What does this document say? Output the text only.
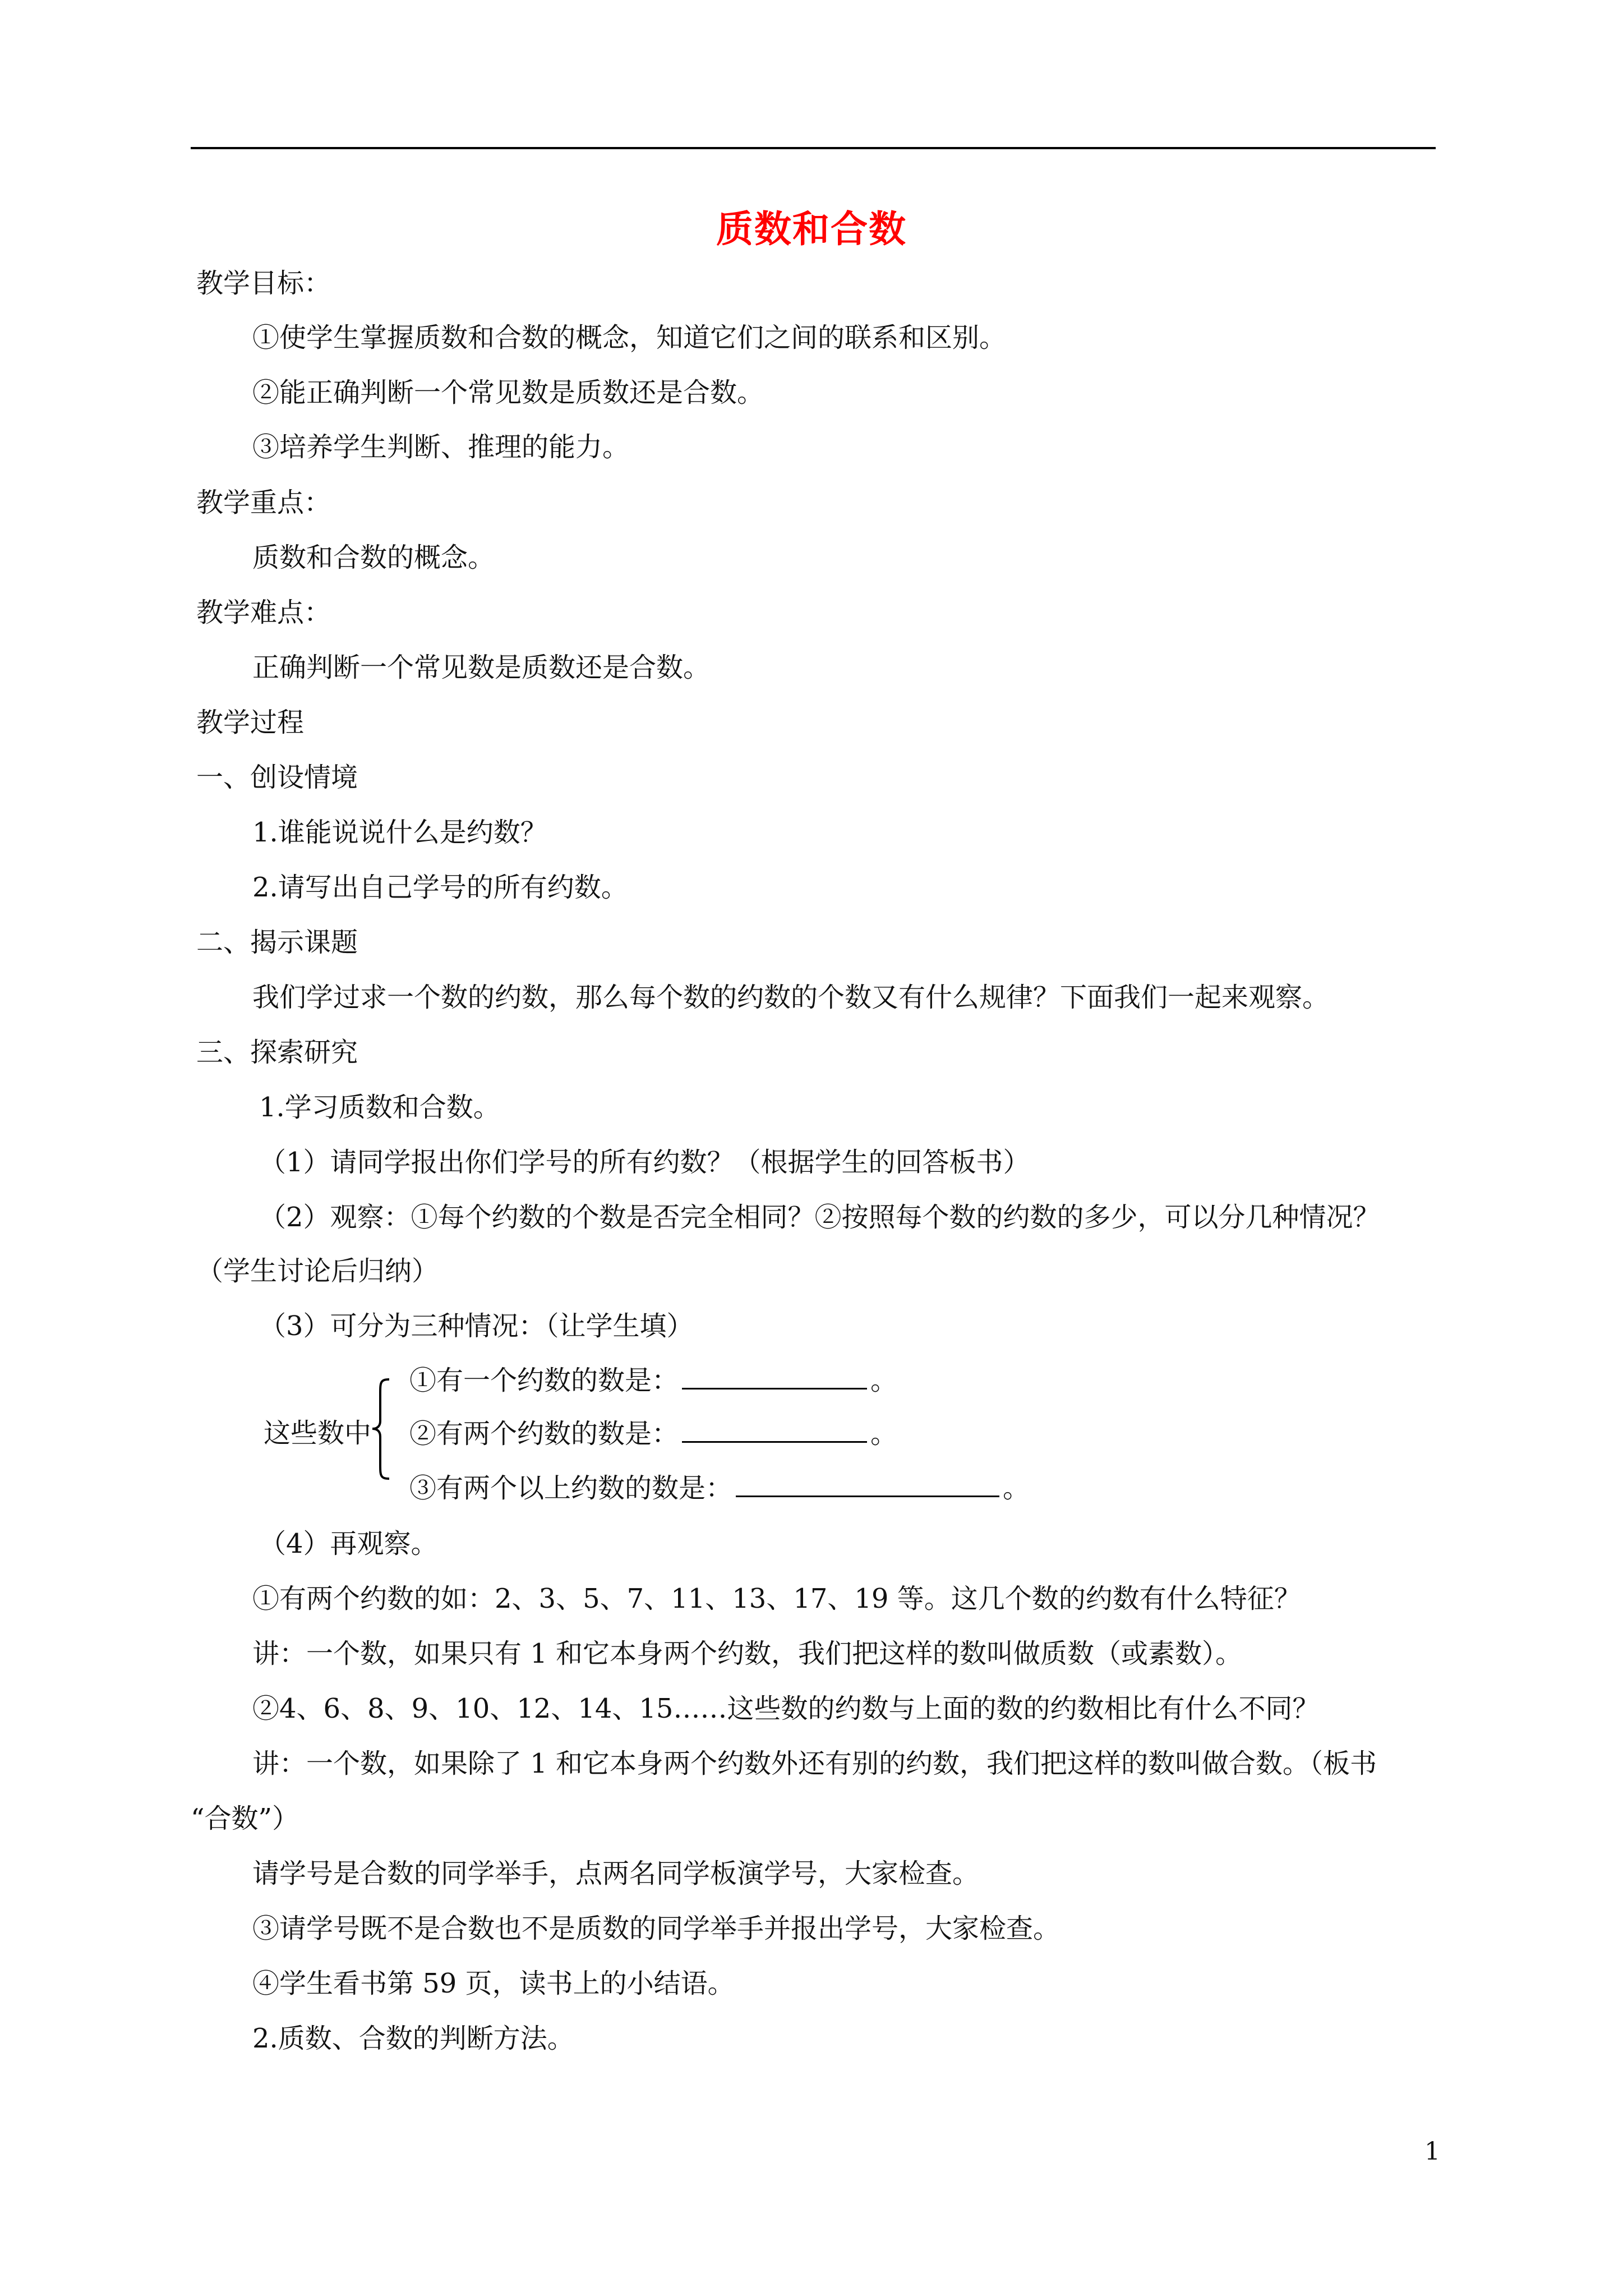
质数和合数
教学目标：
①使学生掌握质数和合数的概念，知道它们之间的联系和区别。
②能正确判断一个常见数是质数还是合数。
③培养学生判断、推理的能力。
教学重点：
质数和合数的概念。
教学难点：
正确判断一个常见数是质数还是合数。
教学过程
一、创设情境
1.谁能说说什么是约数？
2.请写出自己学号的所有约数。
二、揭示课题
我们学过求一个数的约数，那么每个数的约数的个数又有什么规律？下面我们一起来观察。
三、探索研究
1.学习质数和合数。
（1）请同学报出你们学号的所有约数？（根据学生的回答板书）
（2）观察：①每个约数的个数是否完全相同？②按照每个数的约数的多少，可以分几种情况？
（学生讨论后归纳）
（3）可分为三种情况：（让学生填）
这些数中
①有一个约数的数是：	。
②有两个约数的数是：	。
③有两个以上约数的数是：	。
（4）再观察。
①有两个约数的如：2、3、5、7、11、13、17、19 等。这几个数的约数有什么特征？
讲：一个数，如果只有 1 和它本身两个约数，我们把这样的数叫做质数（或素数）。
②4、6、8、9、10、12、14、15……这些数的约数与上面的数的约数相比有什么不同？
讲：一个数，如果除了 1 和它本身两个约数外还有别的约数，我们把这样的数叫做合数。（板书
“合数”）
请学号是合数的同学举手，点两名同学板演学号，大家检查。
③请学号既不是合数也不是质数的同学举手并报出学号，大家检查。
④学生看书第 59 页，读书上的小结语。
2.质数、合数的判断方法。
1
